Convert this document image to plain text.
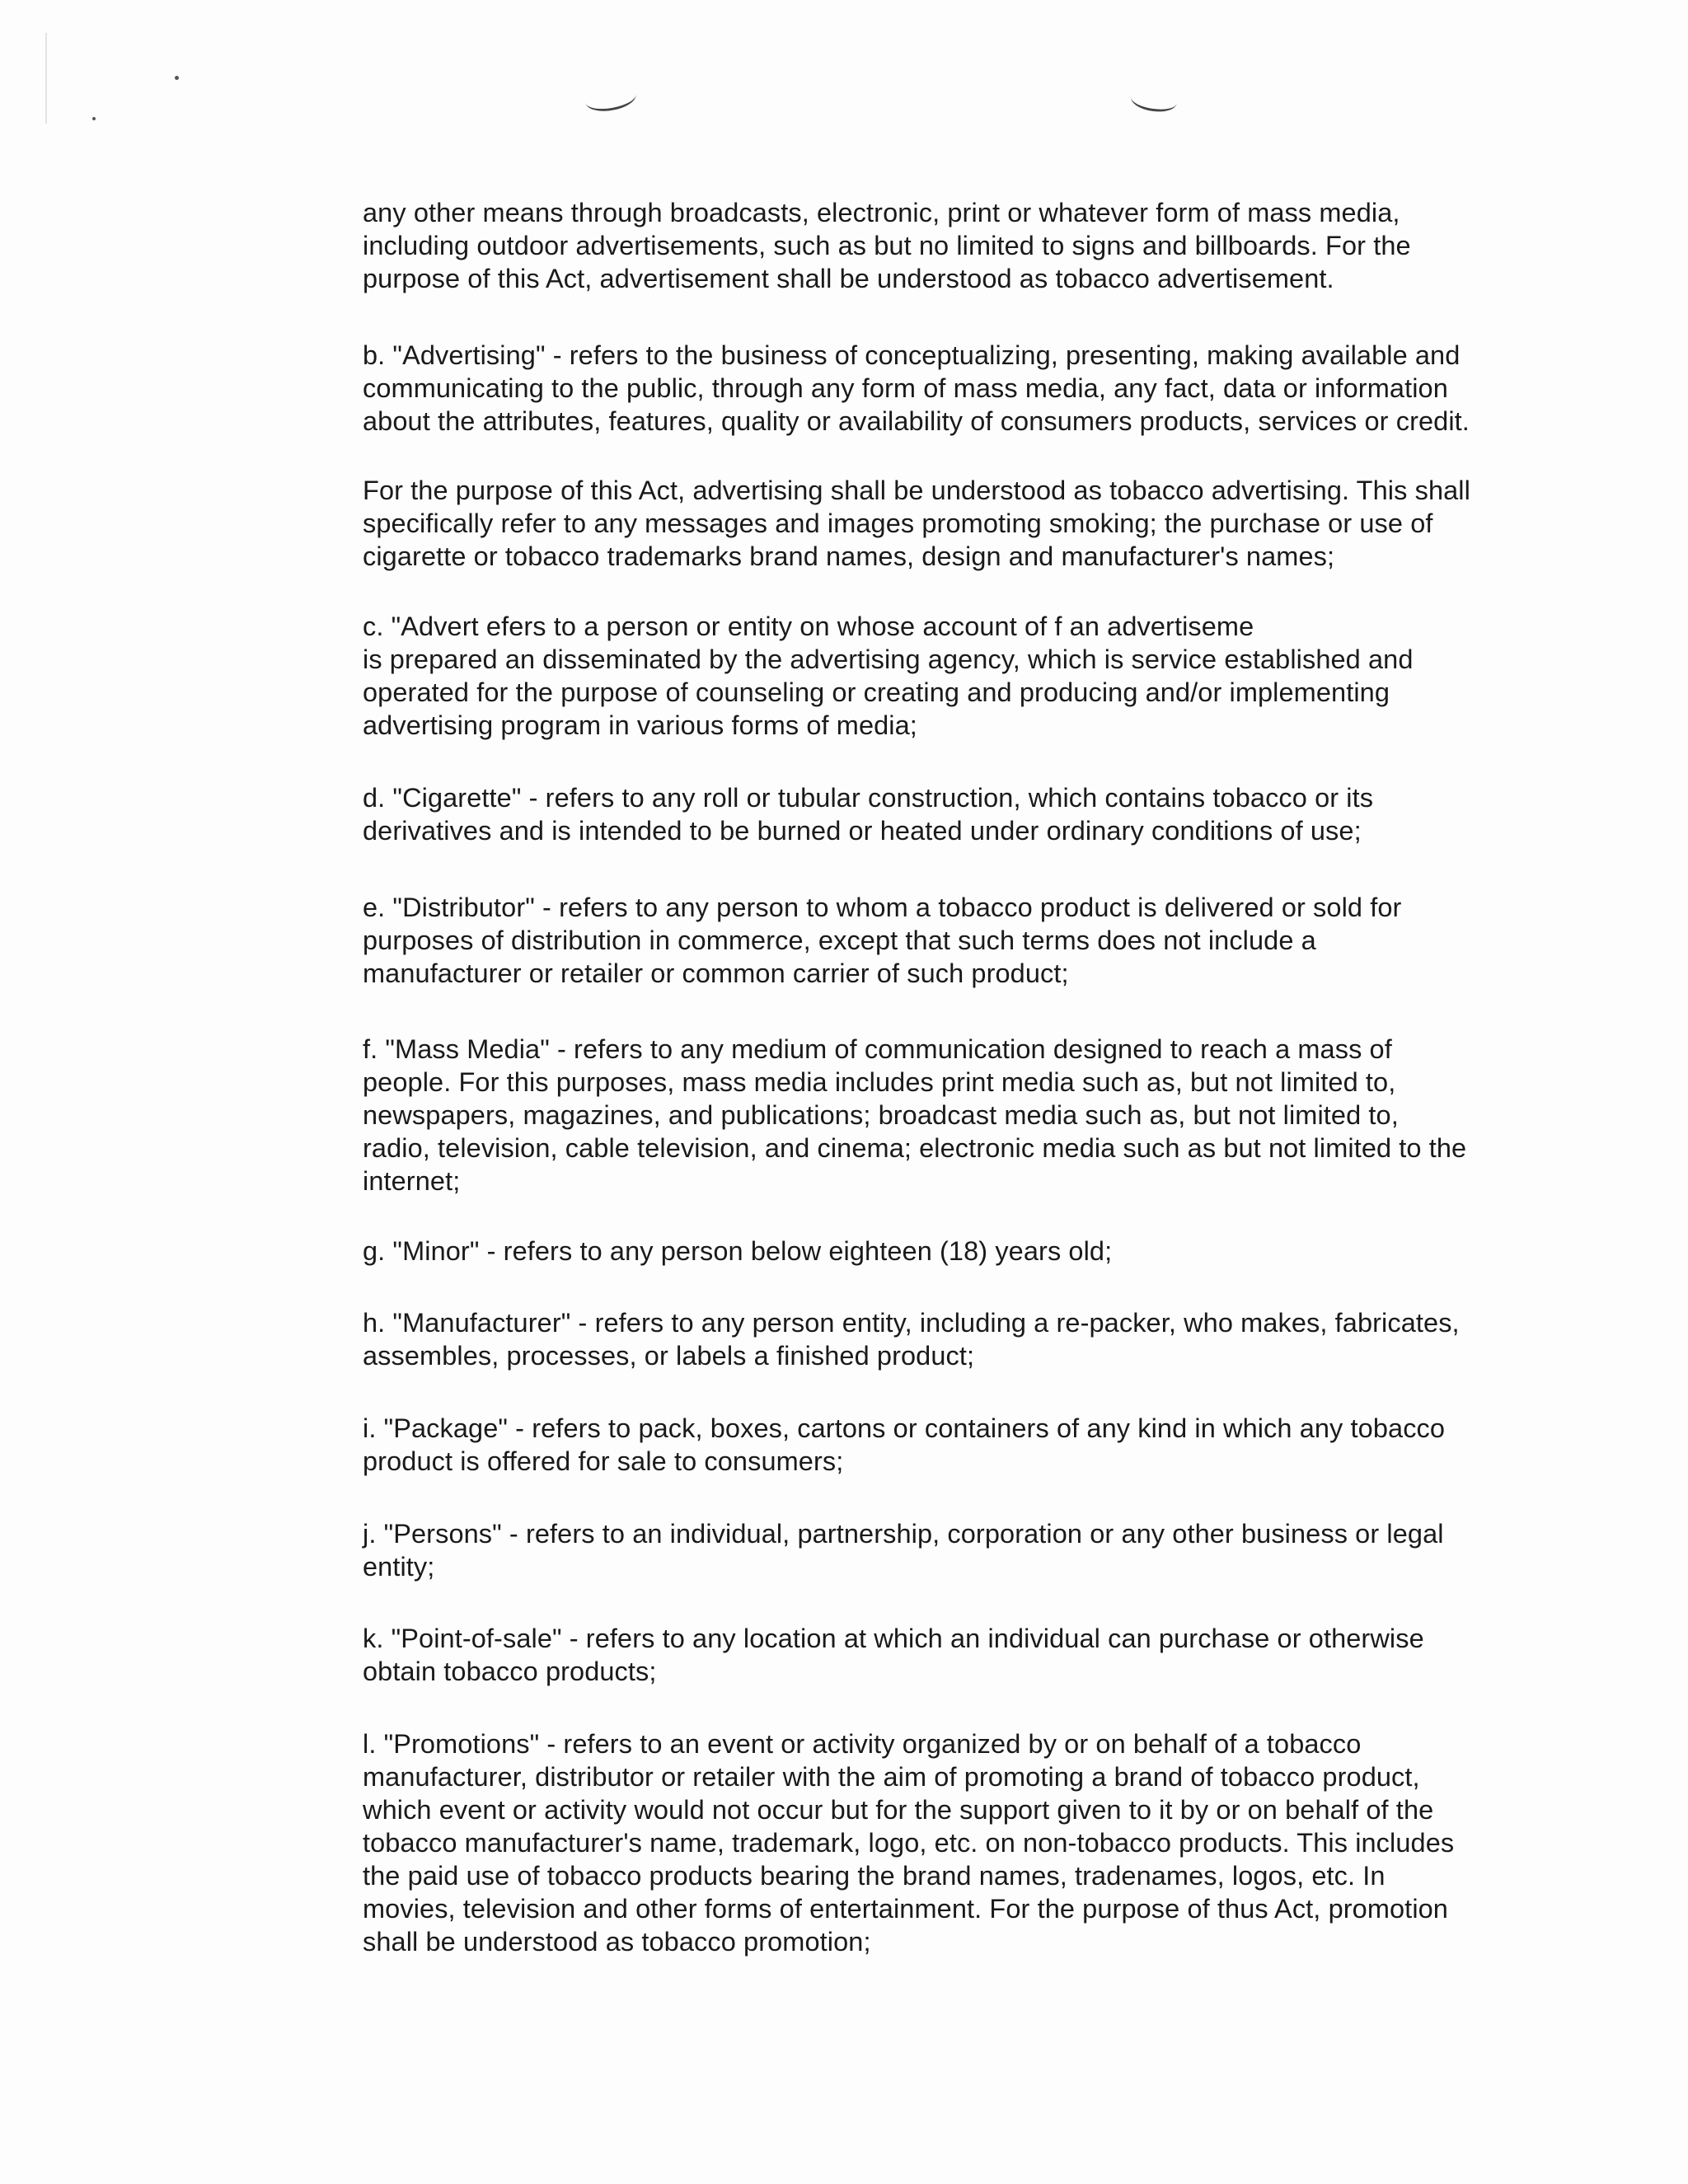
any other means through broadcasts, electronic, print or whatever form of mass media,
including outdoor advertisements, such as but no limited to signs and billboards. For the
purpose of this Act, advertisement shall be understood as tobacco advertisement.
b. "Advertising" - refers to the business of conceptualizing, presenting, making available and
communicating to the public, through any form of mass media, any fact, data or information
about the attributes, features, quality or availability of consumers products, services or credit.
For the purpose of this Act, advertising shall be understood as tobacco advertising. This shall
specifically refer to any messages and images promoting smoking; the purchase or use of
cigarette or tobacco trademarks brand names, design and manufacturer's names;
c. "Advert efers to a person or entity on whose account of f an advertiseme
is prepared an disseminated by the advertising agency, which is service established and
operated for the purpose of counseling or creating and producing and/or implementing
advertising program in various forms of media;
d. "Cigarette" - refers to any roll or tubular construction, which contains tobacco or its
derivatives and is intended to be burned or heated under ordinary conditions of use;
e. "Distributor" - refers to any person to whom a tobacco product is delivered or sold for
purposes of distribution in commerce, except that such terms does not include a
manufacturer or retailer or common carrier of such product;
f. "Mass Media" - refers to any medium of communication designed to reach a mass of
people. For this purposes, mass media includes print media such as, but not limited to,
newspapers, magazines, and publications; broadcast media such as, but not limited to,
radio, television, cable television, and cinema; electronic media such as but not limited to the
internet;
g. "Minor" - refers to any person below eighteen (18) years old;
h. "Manufacturer" - refers to any person entity, including a re-packer, who makes, fabricates,
assembles, processes, or labels a finished product;
i. "Package" - refers to pack, boxes, cartons or containers of any kind in which any tobacco
product is offered for sale to consumers;
j. "Persons" - refers to an individual, partnership, corporation or any other business or legal
entity;
k. "Point-of-sale" - refers to any location at which an individual can purchase or otherwise
obtain tobacco products;
l. "Promotions" - refers to an event or activity organized by or on behalf of a tobacco
manufacturer, distributor or retailer with the aim of promoting a brand of tobacco product,
which event or activity would not occur but for the support given to it by or on behalf of the
tobacco manufacturer's name, trademark, logo, etc. on non-tobacco products. This includes
the paid use of tobacco products bearing the brand names, tradenames, logos, etc. In
movies, television and other forms of entertainment. For the purpose of thus Act, promotion
shall be understood as tobacco promotion;
